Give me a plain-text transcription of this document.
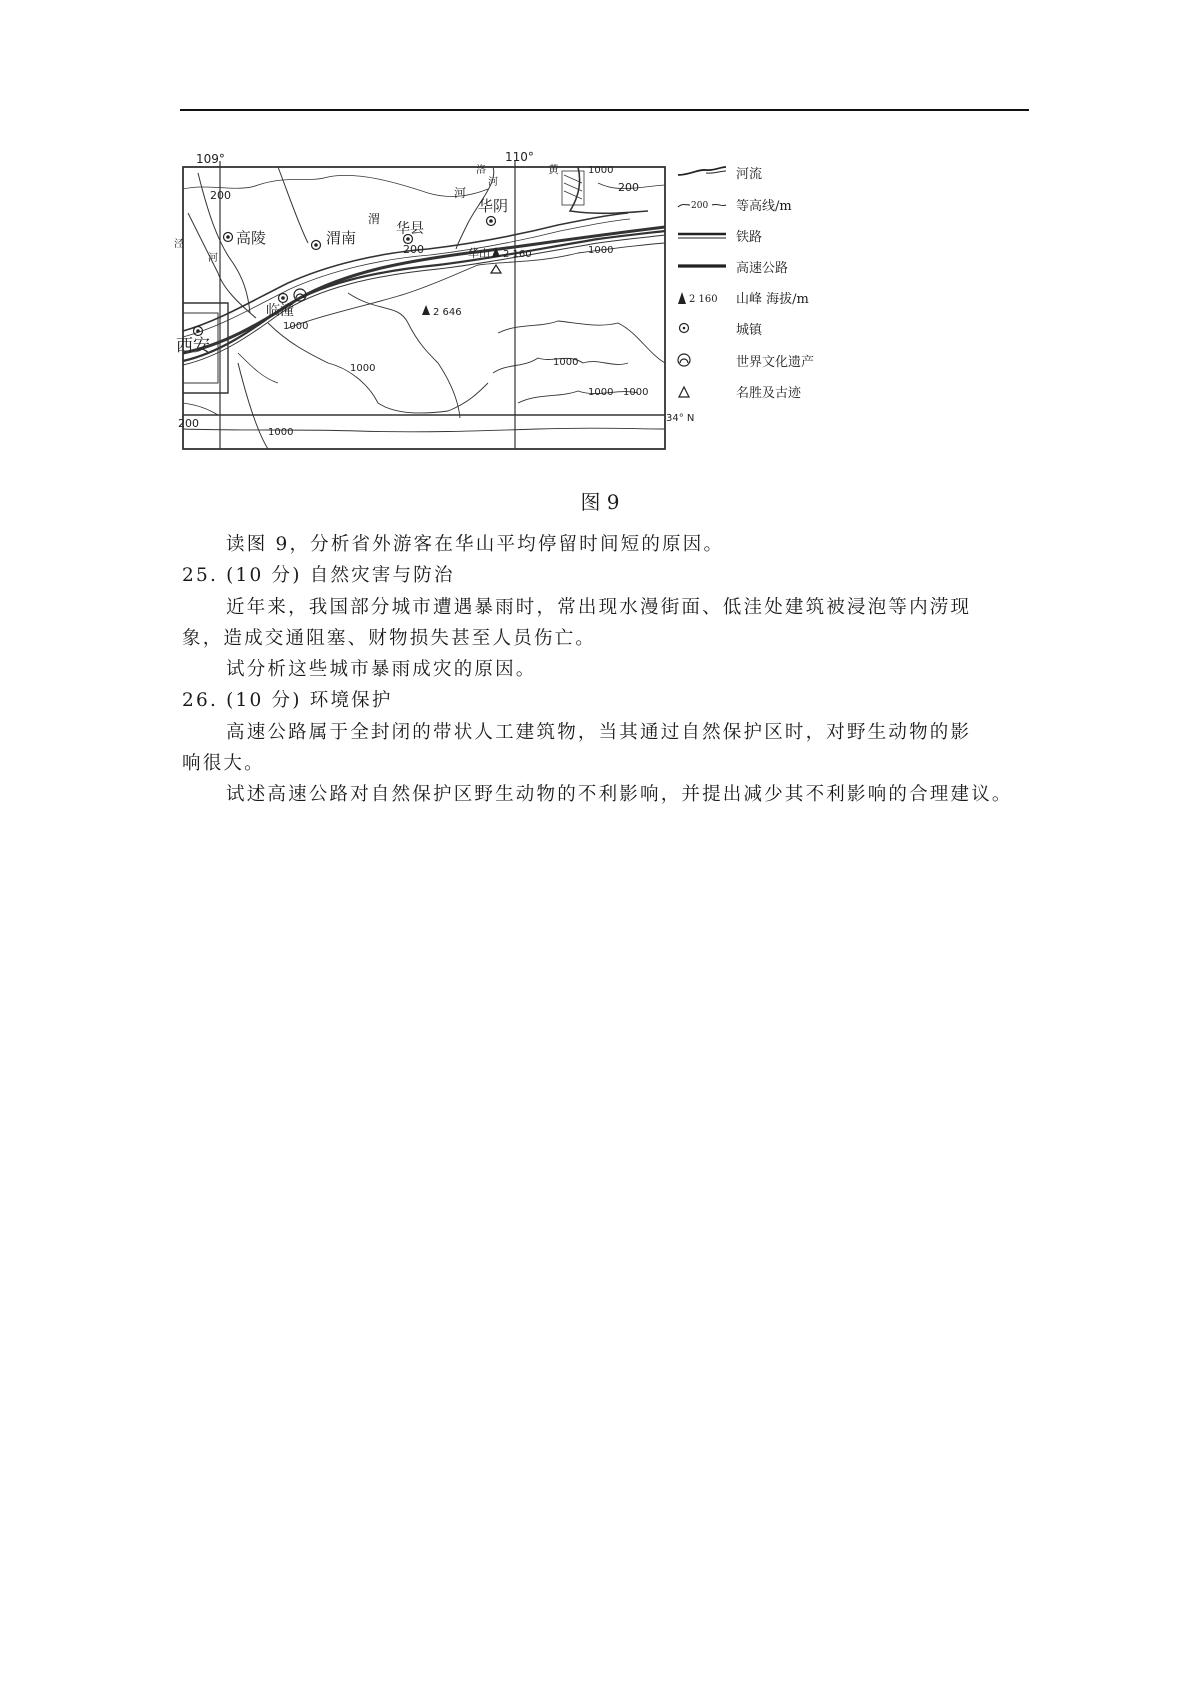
109°	110°
34° N
高陵
西安
渭南	华县
华阴
临潼
华山 2 160
2 646
渭
河
洛
河
黄
泾
河
200
200
200
200
1000
1000
1000
1000
1000
1000 1000
1000
河流
200 等高线/m
铁路
高速公路
2 160 山峰 海拔/m
城镇
世界文化遗产
名胜及古迹
图 9
读图 9，分析省外游客在华山平均停留时间短的原因。
25. (10 分) 自然灾害与防治
近年来，我国部分城市遭遇暴雨时，常出现水漫街面、低洼处建筑被浸泡等内涝现
象，造成交通阻塞、财物损失甚至人员伤亡。
试分析这些城市暴雨成灾的原因。
26. (10 分) 环境保护
高速公路属于全封闭的带状人工建筑物，当其通过自然保护区时，对野生动物的影
响很大。
试述高速公路对自然保护区野生动物的不利影响，并提出减少其不利影响的合理建议。
